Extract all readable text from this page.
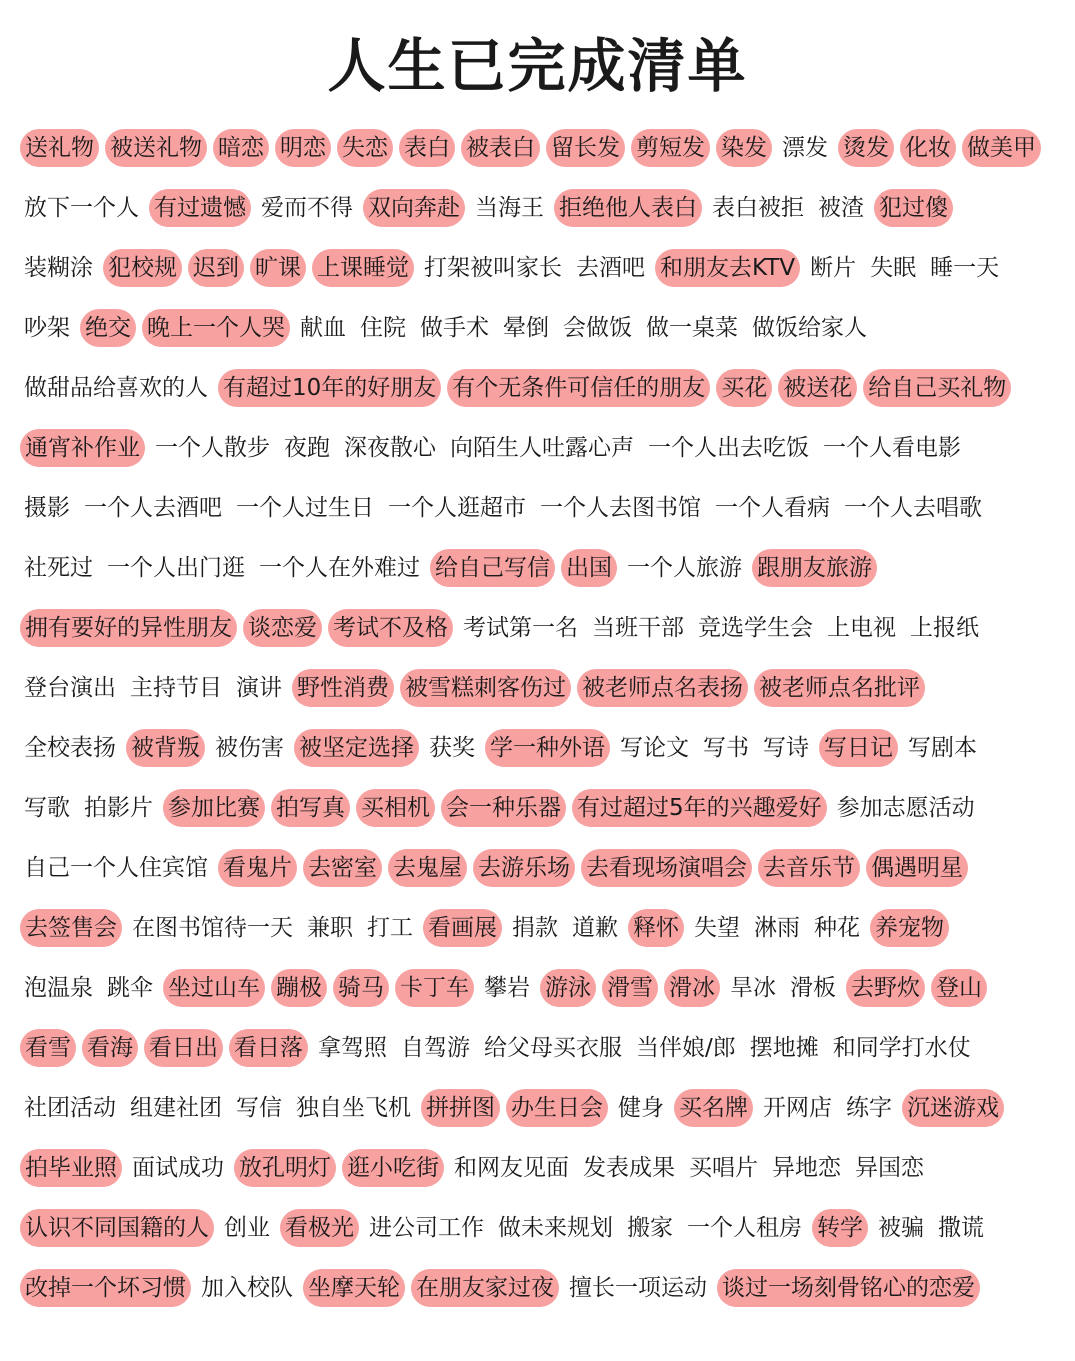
人生已完成清单
送礼物 被送礼物 暗恋 明恋 失恋 表白 被表白 留长发 剪短发 染发 漂发 烫发 化妆 做美甲
放下一个人 有过遗憾 爱而不得 双向奔赴 当海王 拒绝他人表白 表白被拒 被渣 犯过傻
装糊涂 犯校规 迟到 旷课 上课睡觉 打架被叫家长 去酒吧 和朋友去KTV 断片 失眠 睡一天
吵架 绝交 晚上一个人哭 献血 住院 做手术 晕倒 会做饭 做一桌菜 做饭给家人
做甜品给喜欢的人 有超过10年的好朋友 有个无条件可信任的朋友 买花 被送花 给自己买礼物
通宵补作业 一个人散步 夜跑 深夜散心 向陌生人吐露心声 一个人出去吃饭 一个人看电影
摄影 一个人去酒吧 一个人过生日 一个人逛超市 一个人去图书馆 一个人看病 一个人去唱歌
社死过 一个人出门逛 一个人在外难过 给自己写信 出国 一个人旅游 跟朋友旅游
拥有要好的异性朋友 谈恋爱 考试不及格 考试第一名 当班干部 竞选学生会 上电视 上报纸
登台演出 主持节目 演讲 野性消费 被雪糕刺客伤过 被老师点名表扬 被老师点名批评
全校表扬 被背叛 被伤害 被坚定选择 获奖 学一种外语 写论文 写书 写诗 写日记 写剧本
写歌 拍影片 参加比赛 拍写真 买相机 会一种乐器 有过超过5年的兴趣爱好 参加志愿活动
自己一个人住宾馆 看鬼片 去密室 去鬼屋 去游乐场 去看现场演唱会 去音乐节 偶遇明星
去签售会 在图书馆待一天 兼职 打工 看画展 捐款 道歉 释怀 失望 淋雨 种花 养宠物
泡温泉 跳伞 坐过山车 蹦极 骑马 卡丁车 攀岩 游泳 滑雪 滑冰 旱冰 滑板 去野炊 登山
看雪 看海 看日出 看日落 拿驾照 自驾游 给父母买衣服 当伴娘/郎 摆地摊 和同学打水仗
社团活动 组建社团 写信 独自坐飞机 拼拼图 办生日会 健身 买名牌 开网店 练字 沉迷游戏
拍毕业照 面试成功 放孔明灯 逛小吃街 和网友见面 发表成果 买唱片 异地恋 异国恋
认识不同国籍的人 创业 看极光 进公司工作 做未来规划 搬家 一个人租房 转学 被骗 撒谎
改掉一个坏习惯 加入校队 坐摩天轮 在朋友家过夜 擅长一项运动 谈过一场刻骨铭心的恋爱
